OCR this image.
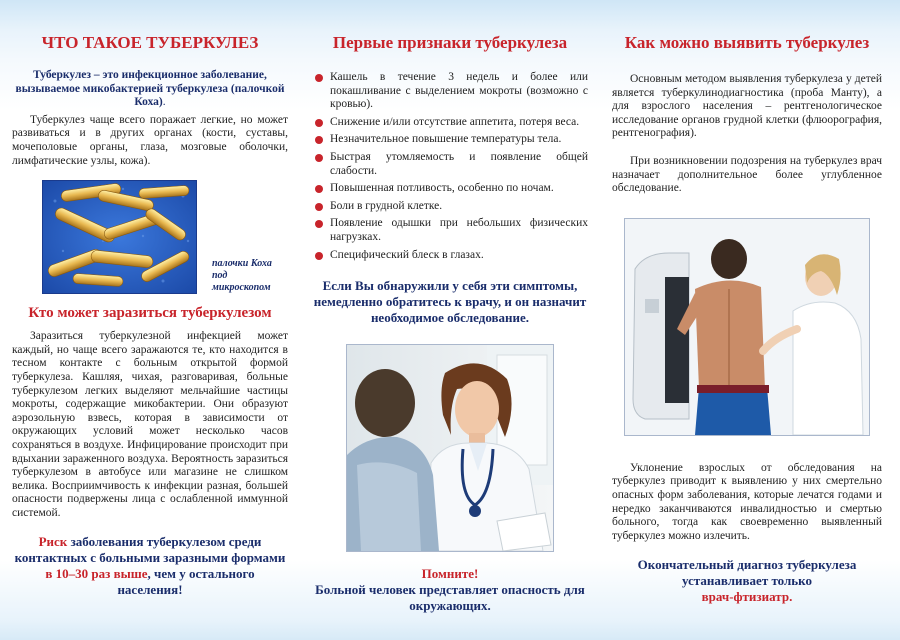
ЧТО ТАКОЕ ТУБЕРКУЛЕЗ
Туберкулез – это инфекционное заболевание, вызываемое микобактерией туберкулеза (палочкой Коха).

Туберкулез чаще всего поражает легкие, но может развиваться и в других органах (кости, суставы, мочеполовые органы, глаза, мозговые оболочки, лимфатические узлы, кожа).

палочки Коха под микроскопом
Кто может заразиться туберкулезом

Заразиться туберкулезной инфекцией может каждый, но чаще всего заражаются те, кто находится в тесном контакте с больным открытой формой туберкулеза. Кашляя, чихая, разговаривая, больные туберкулезом легких выделяют мельчайшие частицы мокроты, содержащие микобактерии. Они образуют аэрозольную взвесь, которая в зависимости от окружающих условий может несколько часов сохраняться в воздухе. Инфицирование происходит при вдыхании зараженного воздуха. Вероятность заразиться туберкулезом в автобусе или магазине не слишком велика. Восприимчивость к инфекции разная, большей опасности подвержены лица с ослабленной иммунной системой.

Риск заболевания туберкулезом среди контактных с больными заразными формами в 10–30 раз выше, чем у остального населения!
Первые признаки туберкулеза
Кашель в течение 3 недель и более или покашливание с выделением мокроты (возможно с кровью).
Снижение и/или отсутствие аппетита, потеря веса.
Незначительное повышение температуры тела.
Быстрая утомляемость и появление общей слабости.
Повышенная потливость, особенно по ночам.
Боли в грудной клетке.
Появление одышки при небольших физических нагрузках.
Специфический блеск в глазах.
Если Вы обнаружили у себя эти симптомы, немедленно обратитесь к врачу, и он назначит необходимое обследование.
Помните!
Больной человек представляет опасность для окружающих.
Как можно выявить туберкулез

Основным методом выявления туберкулеза у детей является туберкулинодиагностика (проба Манту), а для взрослого населения – рентгенологическое исследование органов грудной клетки (флюорография, рентгенография).

При возникновении подозрения на туберкулез врач назначает дополнительное более углубленное обследование.

Уклонение взрослых от обследования на туберкулез приводит к выявлению у них смертельно опасных форм заболевания, которые лечатся годами и нередко заканчиваются инвалидностью и смертью больного, тогда как своевременно выявленный туберкулез можно излечить.

Окончательный диагноз туберкулеза
устанавливает только
врач-фтизиатр.
